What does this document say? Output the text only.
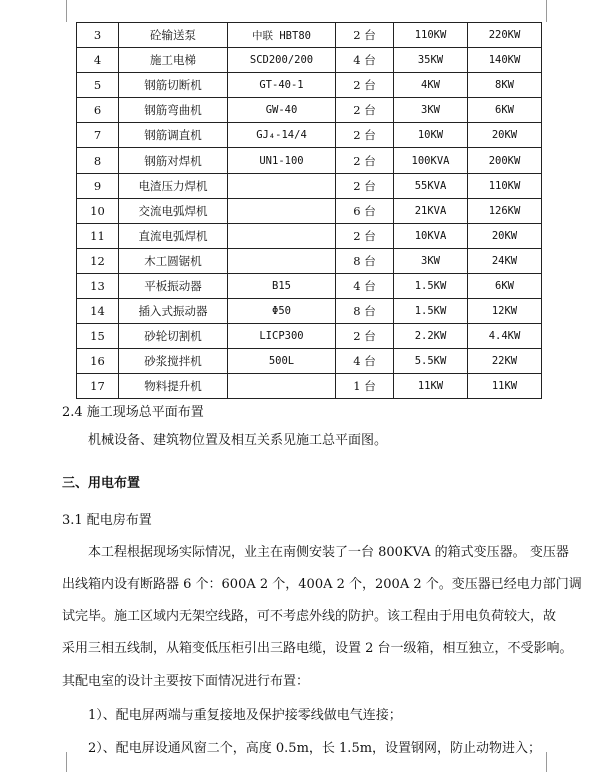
3	砼输送泵	中联 HBT80	2 台	110KW	220KW
4	施工电梯	SCD200/200	4 台	35KW	140KW
5	钢筋切断机	GT-40-1	2 台	4KW	8KW
6	钢筋弯曲机	GW-40	2 台	3KW	6KW
7	钢筋调直机	GJ₄-14/4	2 台	10KW	20KW
8	钢筋对焊机	UN1-100	2 台	100KVA	200KW
9	电渣压力焊机		2 台	55KVA	110KW
10	交流电弧焊机		6 台	21KVA	126KW
11	直流电弧焊机		2 台	10KVA	20KW
12	木工圆锯机		8 台	3KW	24KW
13	平板振动器	B15	4 台	1.5KW	6KW
14	插入式振动器	Φ50	8 台	1.5KW	12KW
15	砂轮切割机	LICP300	2 台	2.2KW	4.4KW
16	砂浆搅拌机	500L	4 台	5.5KW	22KW
17	物料提升机		1 台	11KW	11KW
2.4 施工现场总平面布置
机械设备、建筑物位置及相互关系见施工总平面图。
三、用电布置
3.1 配电房布置
　　本工程根据现场实际情况，业主在南侧安装了一台 800KVA 的箱式变压器。 变压器
出线箱内设有断路器 6 个：600A 2 个，400A 2 个，200A 2 个。变压器已经电力部门调
试完毕。施工区域内无架空线路，可不考虑外线的防护。该工程由于用电负荷较大，故
采用三相五线制，从箱变低压柜引出三路电缆，设置 2 台一级箱，相互独立，不受影响。
其配电室的设计主要按下面情况进行布置：
1）、配电屏两端与重复接地及保护接零线做电气连接；
2）、配电屏设通风窗二个，高度 0.5m，长 1.5m，设置钢网，防止动物进入；
